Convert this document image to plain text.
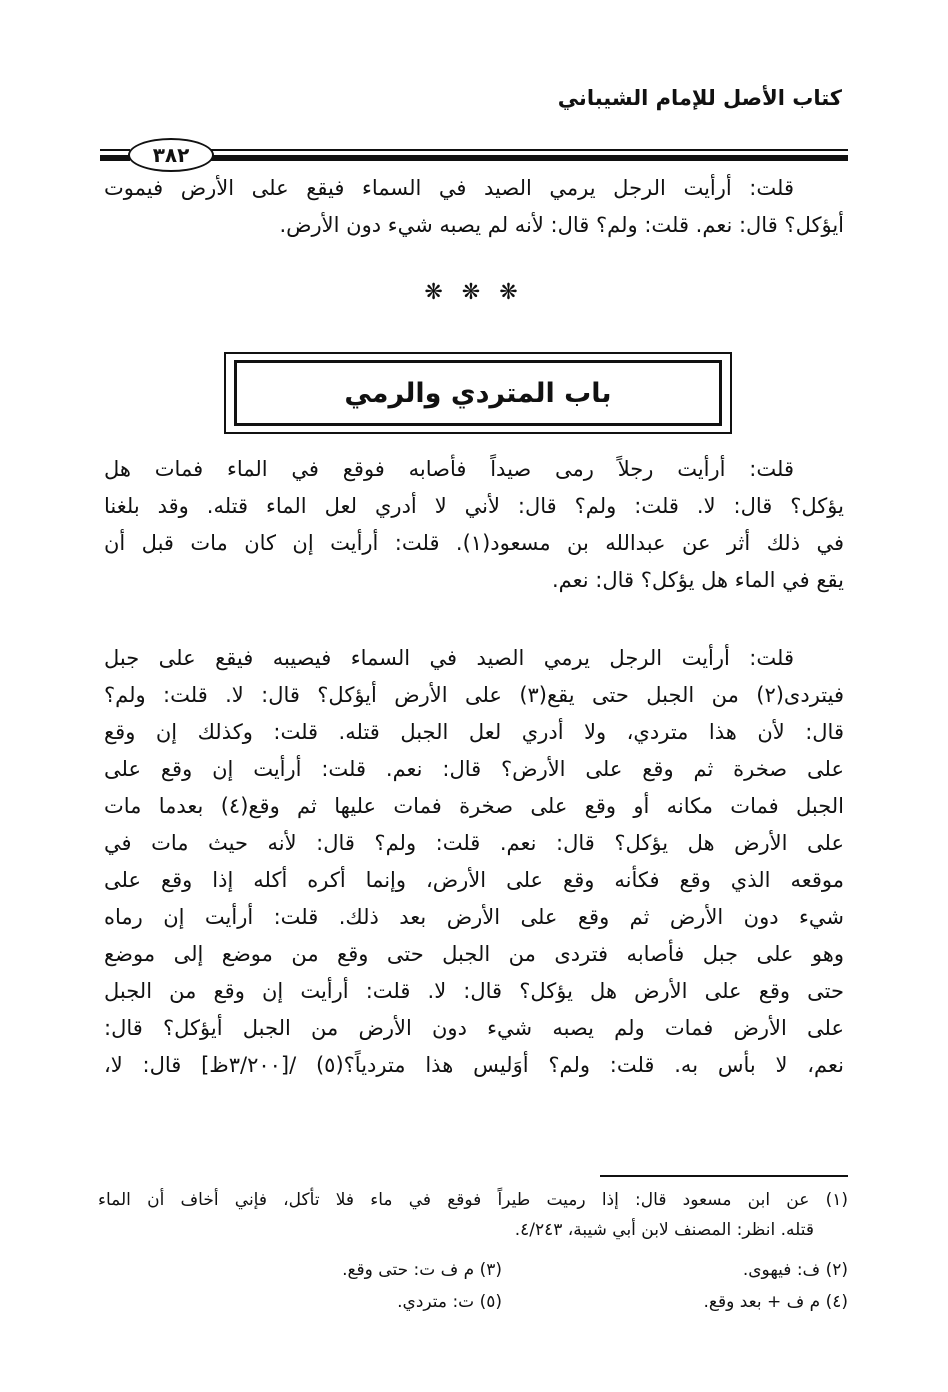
كتاب الأصل للإمام الشيباني
٣٨٢
قلت: أرأيت الرجل يرمي الصيد في السماء فيقع على الأرض فيموت
أيؤكل؟ قال: نعم. قلت: ولم؟ قال: لأنه لم يصبه شيء دون الأرض.
❋ ❋ ❋
باب المتردي والرمي
قلت: أرأيت رجلاً رمى صيداً فأصابه فوقع في الماء فمات هل
يؤكل؟ قال: لا. قلت: ولم؟ قال: لأني لا أدري لعل الماء قتله. وقد بلغنا
في ذلك أثر عن عبدالله بن مسعود(١). قلت: أرأيت إن كان مات قبل أن
يقع في الماء هل يؤكل؟ قال: نعم.
قلت: أرأيت الرجل يرمي الصيد في السماء فيصيبه فيقع على جبل
فيتردى(٢) من الجبل حتى يقع(٣) على الأرض أيؤكل؟ قال: لا. قلت: ولم؟
قال: لأن هذا متردي، ولا أدري لعل الجبل قتله. قلت: وكذلك إن وقع
على صخرة ثم وقع على الأرض؟ قال: نعم. قلت: أرأيت إن وقع على
الجبل فمات مكانه أو وقع على صخرة فمات عليها ثم وقع(٤) بعدما مات
على الأرض هل يؤكل؟ قال: نعم. قلت: ولم؟ قال: لأنه حيث مات في
موقعه الذي وقع فكأنه وقع على الأرض، وإنما أكره أكله إذا وقع على
شيء دون الأرض ثم وقع على الأرض بعد ذلك. قلت: أرأيت إن رماه
وهو على جبل فأصابه فتردى من الجبل حتى وقع من موضع إلى موضع
حتى وقع على الأرض هل يؤكل؟ قال: لا. قلت: أرأيت إن وقع من الجبل
على الأرض فمات ولم يصبه شيء دون الأرض من الجبل أيؤكل؟ قال:
نعم، لا بأس به. قلت: ولم؟ أوَليس هذا متردياً؟(٥) /[٣/٢٠٠ظ] قال: لا،
(١) عن ابن مسعود قال: إذا رميت طيراً فوقع في ماء فلا تأكل، فإني أخاف أن الماء
قتله. انظر: المصنف لابن أبي شيبة، ٤/٢٤٣.
(٢) ف: فيهوى.
(٣) م ف ت: حتى وقع.
(٤) م ف + بعد وقع.
(٥) ت: متردي.
